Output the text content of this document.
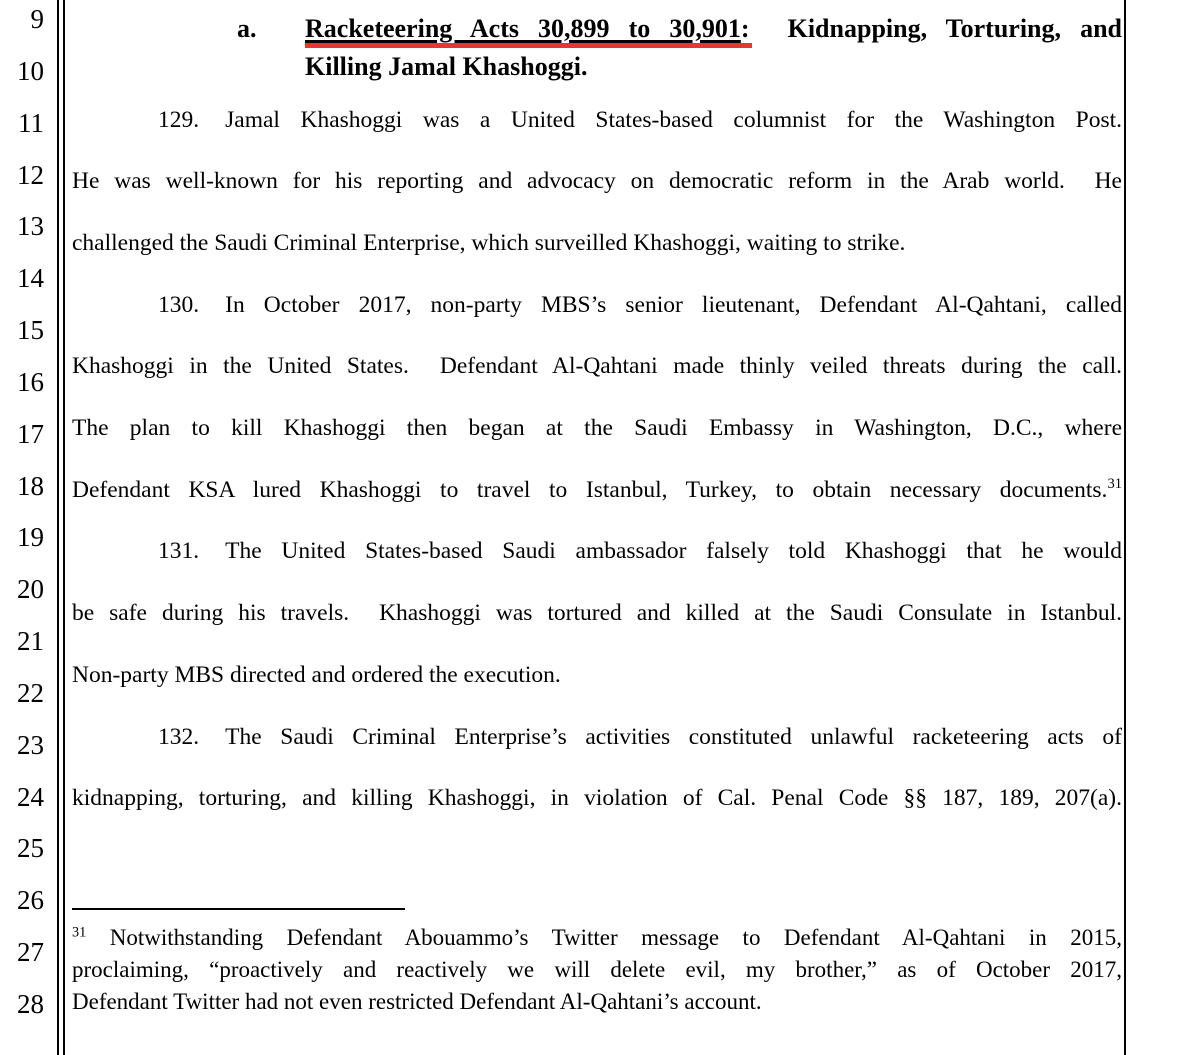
9
10
11
12
13
14
15
16
17
18
19
20
21
22
23
24
25
26
27
28
a. Racketeering Acts 30,899 to 30,901:  Kidnapping, Torturing, and
Killing Jamal Khashoggi.
129. Jamal Khashoggi was a United States-based columnist for the Washington Post.
He was well-known for his reporting and advocacy on democratic reform in the Arab world.  He
challenged the Saudi Criminal Enterprise, which surveilled Khashoggi, waiting to strike.
130. In October 2017, non-party MBS’s senior lieutenant, Defendant Al-Qahtani, called
Khashoggi in the United States.  Defendant Al-Qahtani made thinly veiled threats during the call.
The plan to kill Khashoggi then began at the Saudi Embassy in Washington, D.C., where
Defendant KSA lured Khashoggi to travel to Istanbul, Turkey, to obtain necessary documents.$^{31}$
131. The United States-based Saudi ambassador falsely told Khashoggi that he would
be safe during his travels.  Khashoggi was tortured and killed at the Saudi Consulate in Istanbul.
Non-party MBS directed and ordered the execution.
132. The Saudi Criminal Enterprise’s activities constituted unlawful racketeering acts of
kidnapping, torturing, and killing Khashoggi, in violation of Cal. Penal Code §§ 187, 189, 207(a).
$^{31}$ Notwithstanding Defendant Abouammo’s Twitter message to Defendant Al-Qahtani in 2015,
proclaiming, “proactively and reactively we will delete evil, my brother,” as of October 2017,
Defendant Twitter had not even restricted Defendant Al-Qahtani’s account.
